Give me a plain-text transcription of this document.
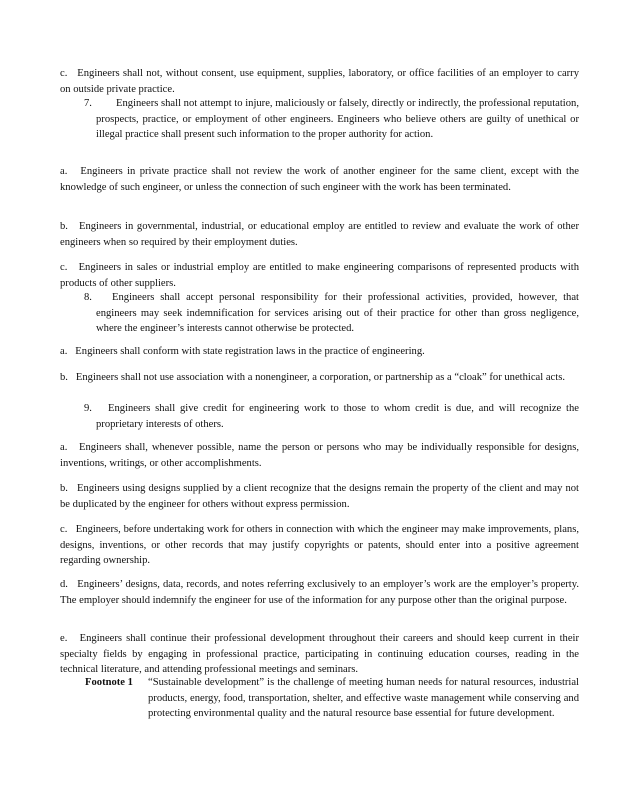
c.   Engineers shall not, without consent, use equipment, supplies, laboratory, or office facilities of an employer to carry on outside private practice.

7. Engineers shall not attempt to injure, maliciously or falsely, directly or indirectly, the professional reputation, prospects, practice, or employment of other engineers. Engineers who believe others are guilty of unethical or illegal practice shall present such information to the proper authority for action.

a.   Engineers in private practice shall not review the work of another engineer for the same client, except with the knowledge of such engineer, or unless the connection of such engineer with the work has been terminated.

b.   Engineers in governmental, industrial, or educational employ are entitled to review and evaluate the work of other engineers when so required by their employment duties.

c.   Engineers in sales or industrial employ are entitled to make engineering comparisons of represented products with products of other suppliers.

8. Engineers shall accept personal responsibility for their professional activities, provided, however, that engineers may seek indemnification for services arising out of their practice for other than gross negligence, where the engineer’s interests cannot otherwise be protected.

a.   Engineers shall conform with state registration laws in the practice of engineering.

b.   Engineers shall not use association with a nonengineer, a corporation, or partnership as a “cloak” for unethical acts.

9. Engineers shall give credit for engineering work to those to whom credit is due, and will recognize the proprietary interests of others.

a.   Engineers shall, whenever possible, name the person or persons who may be individually responsible for designs, inventions, writings, or other accomplishments.

b.   Engineers using designs supplied by a client recognize that the designs remain the property of the client and may not be duplicated by the engineer for others without express permission.

c.   Engineers, before undertaking work for others in connection with which the engineer may make improvements, plans, designs, inventions, or other records that may justify copyrights or patents, should enter into a positive agreement regarding ownership.

d.   Engineers’ designs, data, records, and notes referring exclusively to an employer’s work are the employer’s property. The employer should indemnify the engineer for use of the information for any purpose other than the original purpose.

e.   Engineers shall continue their professional development throughout their careers and should keep current in their specialty fields by engaging in professional practice, participating in continuing education courses, reading in the technical literature, and attending professional meetings and seminars.

Footnote 1 “Sustainable development” is the challenge of meeting human needs for natural resources, industrial products, energy, food, transportation, shelter, and effective waste management while conserving and protecting environmental quality and the natural resource base essential for future development.
